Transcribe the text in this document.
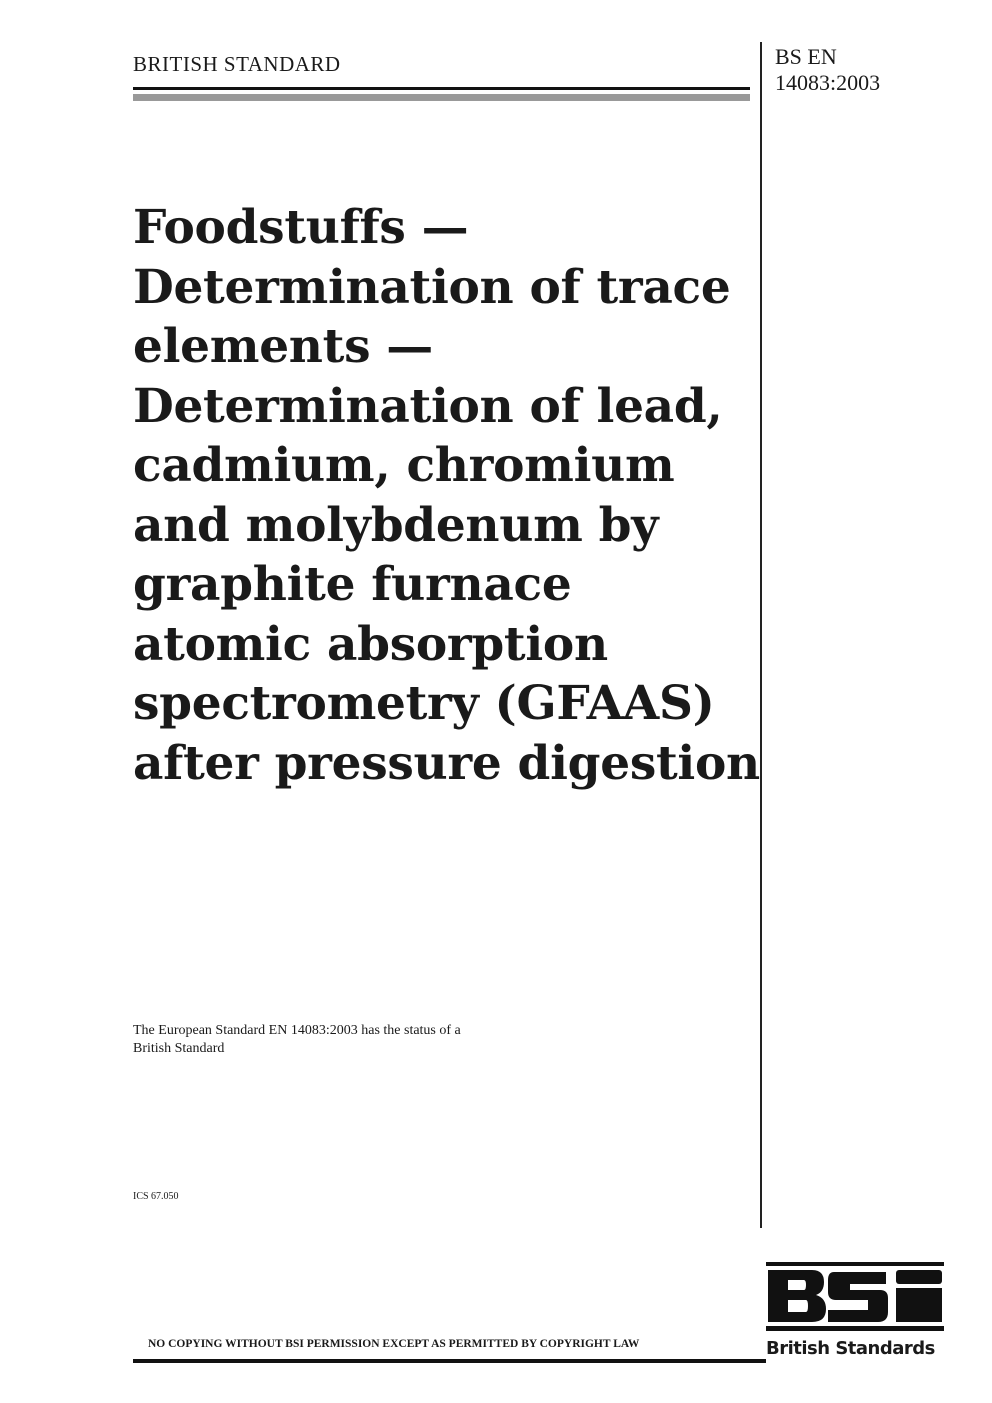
BRITISH STANDARD	BS EN
14083:2003
Foodstuffs —
Determination of trace
elements —
Determination of lead,
cadmium, chromium
and molybdenum by
graphite furnace
atomic absorption
spectrometry (GFAAS)
after pressure digestion
The European Standard EN 14083:2003 has the status of a
British Standard
ICS 67.050
NO COPYING WITHOUT BSI PERMISSION EXCEPT AS PERMITTED BY COPYRIGHT LAW	British Standards
